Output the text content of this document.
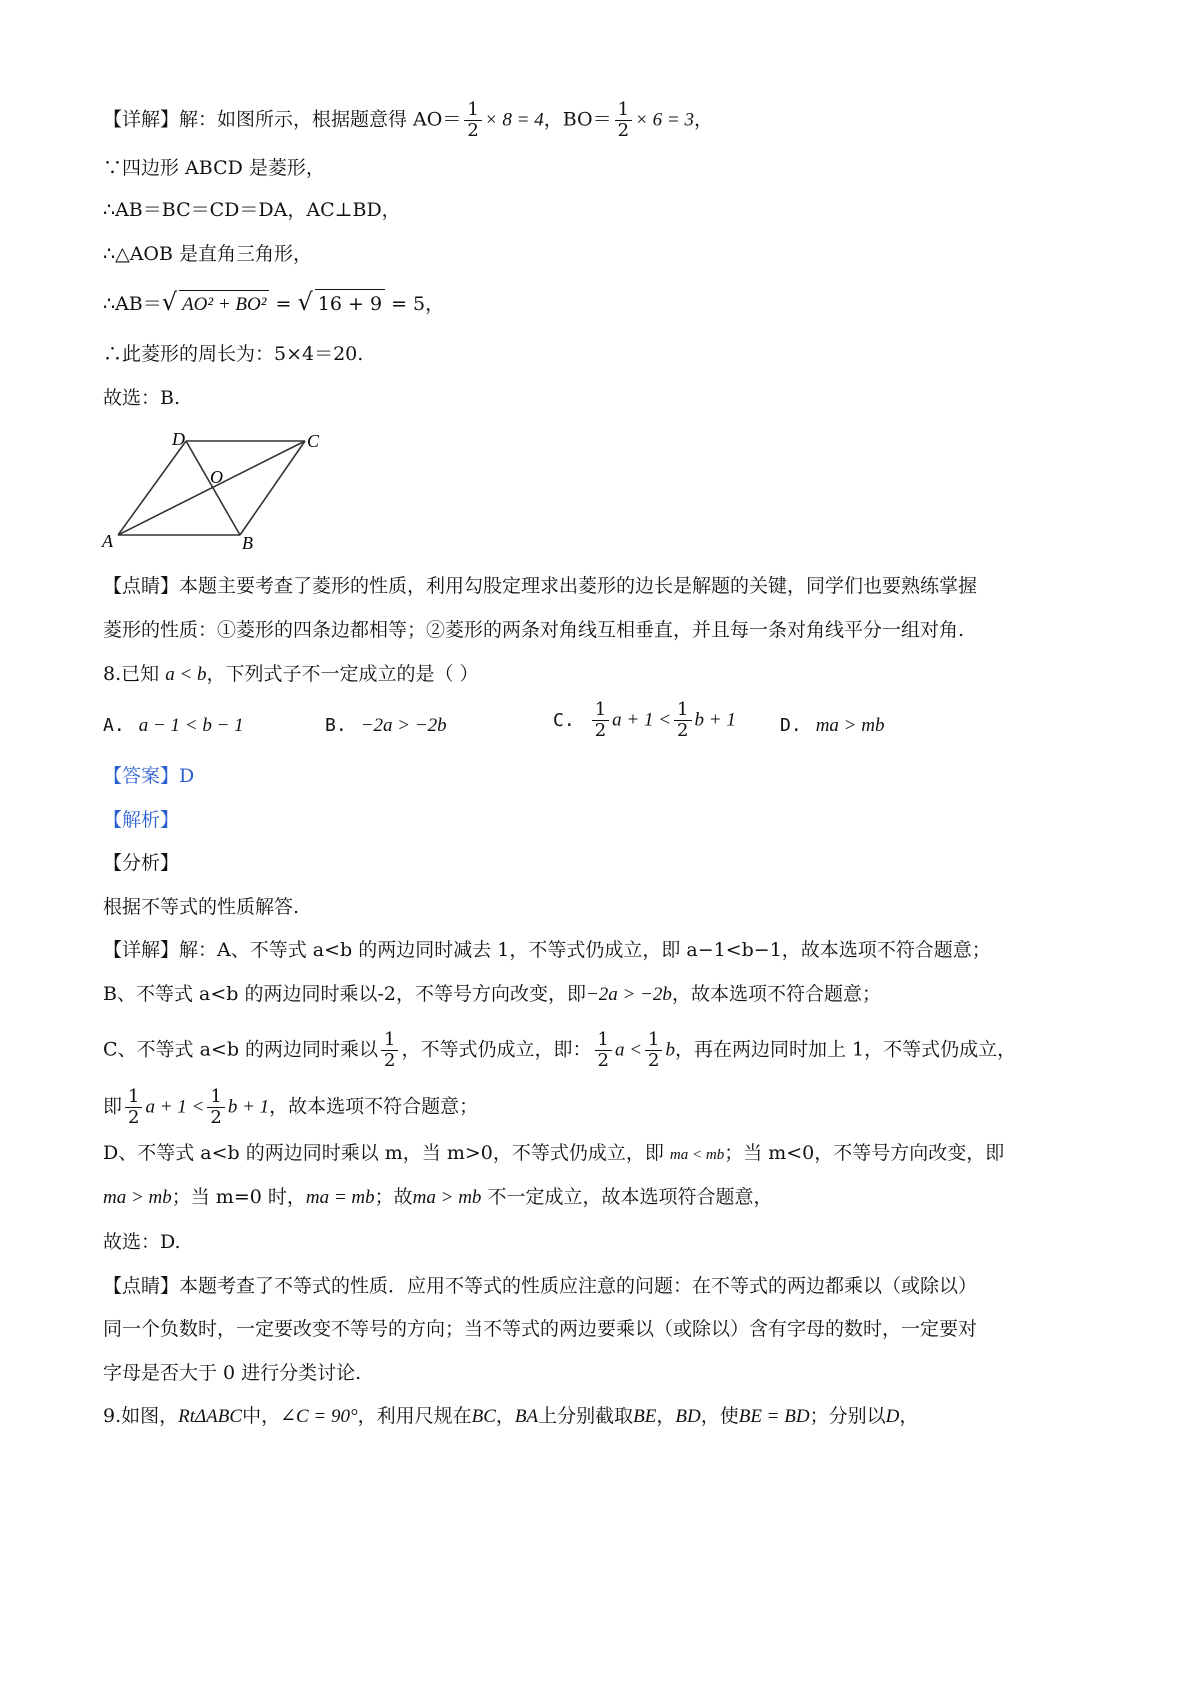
【详解】解：如图所示，根据题意得 $AO= \frac{1}{2} \times 8 = 4$，$BO= \frac{1}{2} \times 6 = 3$，
∵四边形 ABCD 是菱形，
∴AB＝BC＝CD＝DA，AC⊥BD，
∴△AOB 是直角三角形，
∴AB＝√ AO² + BO² = √ 16 + 9 = 5，
∴此菱形的周长为：5×4＝20.
故选：B.
A	B
C
D
O
【点睛】本题主要考查了菱形的性质，利用勾股定理求出菱形的边长是解题的关键，同学们也要熟练掌握
菱形的性质：①菱形的四条边都相等；②菱形的两条对角线互相垂直，并且每一条对角线平分一组对角.
8.已知 a < b，下列式子不一定成立的是（ ）
A. a − 1 < b − 1	B. −2a > −2b	C. $\frac{1}{2}$ $a + 1 < \frac{1}{2}$ b + 1 D. ma > mb
【答案】D
【解析】
【分析】
根据不等式的性质解答.
【详解】解：A、不等式 a<b 的两边同时减去 1，不等式仍成立，即 a−1<b−1，故本选项不符合题意；
B、不等式 a<b 的两边同时乘以-2，不等号方向改变，即−2a > −2b，故本选项不符合题意；
C、不等式 a<b 的两边同时乘以 $\frac{1}{2}$ ，不等式仍成立，即： $\frac{1}{2}$ $a < \frac{1}{2}$ b，再在两边同时加上 1，不等式仍成立，
即 $\frac{1}{2}$ $a + 1 < \frac{1}{2}$ b + 1，故本选项不符合题意；
D、不等式 a<b 的两边同时乘以 m，当 m>0，不等式仍成立，即 ma < mb；当 m<0，不等号方向改变，即
ma > mb；当 m=0 时，ma = mb；故ma > mb 不一定成立，故本选项符合题意，
故选：D.
【点睛】本题考查了不等式的性质．应用不等式的性质应注意的问题：在不等式的两边都乘以（或除以）
同一个负数时，一定要改变不等号的方向；当不等式的两边要乘以（或除以）含有字母的数时，一定要对
字母是否大于 0 进行分类讨论.
9.如图，RtΔABC中，∠C = 90°，利用尺规在BC，BA上分别截取BE，BD，使BE = BD；分别以D，
